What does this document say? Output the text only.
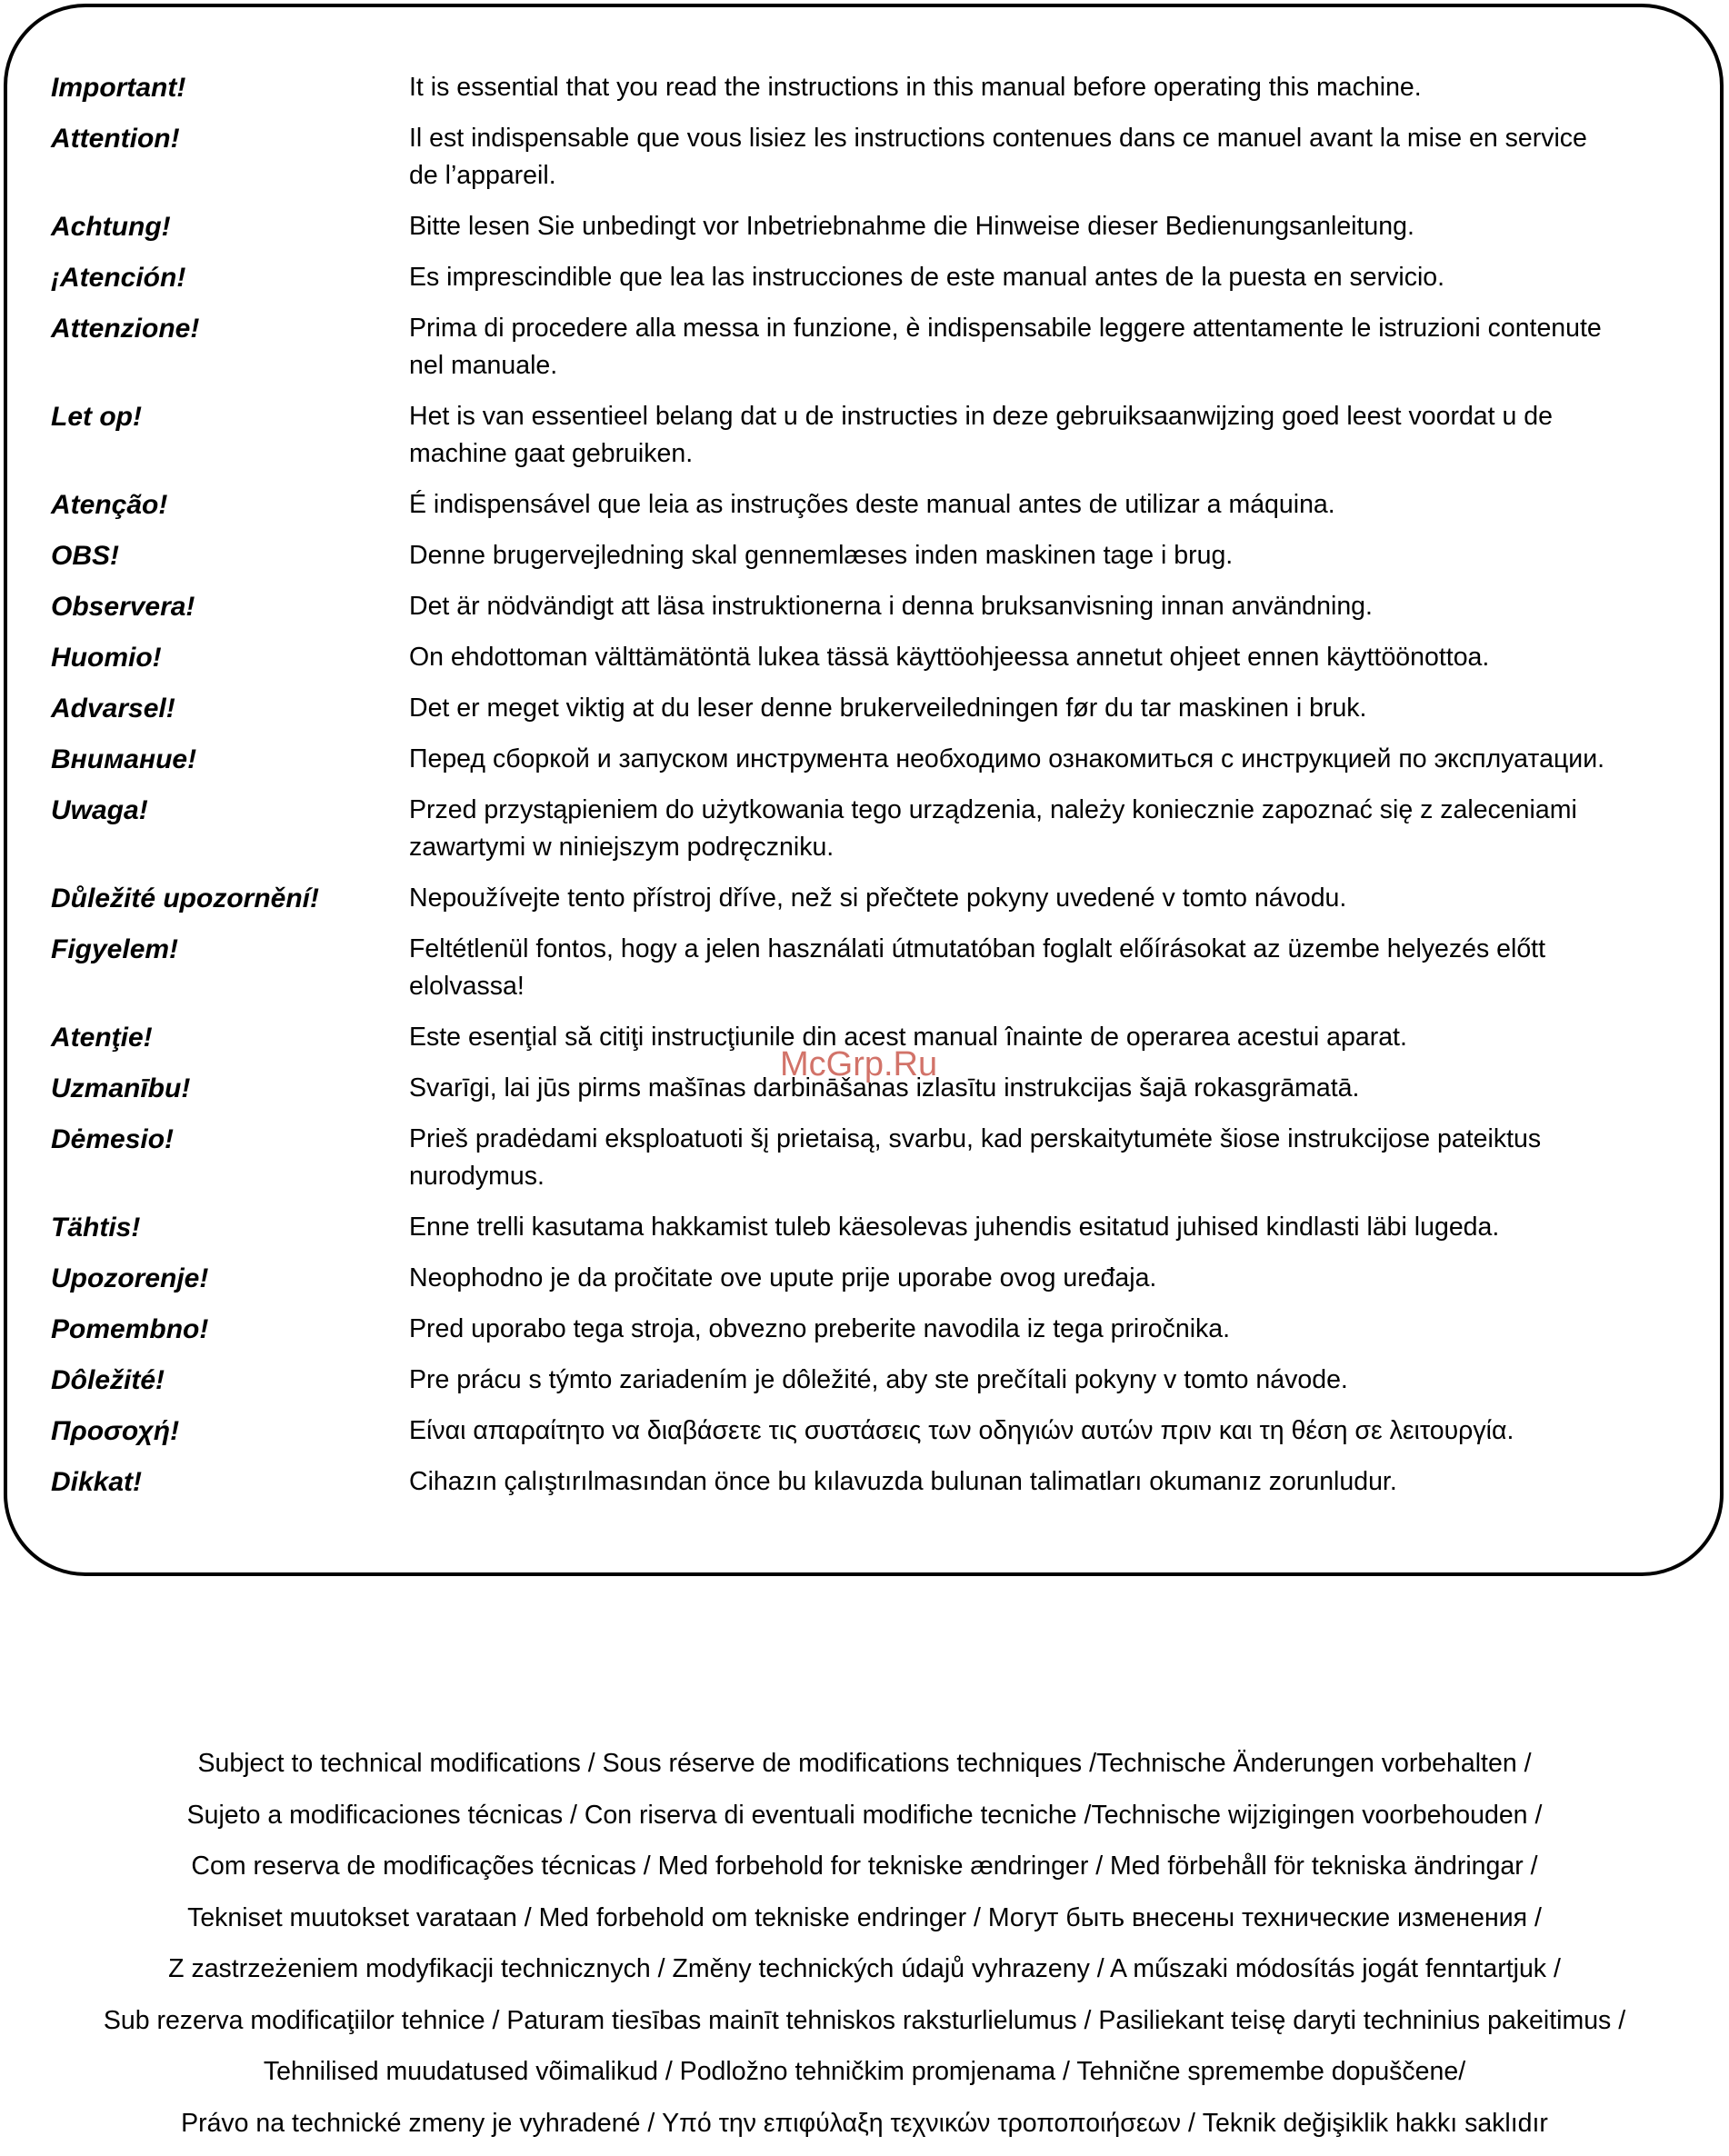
Important!	It is essential that you read the instructions in this manual before operating this machine.
Attention!	Il est indispensable que vous lisiez les instructions contenues dans ce manuel avant la mise en service
de l’appareil.
Achtung!	Bitte lesen Sie unbedingt vor Inbetriebnahme die Hinweise dieser Bedienungsanleitung.
¡Atención!	Es imprescindible que lea las instrucciones de este manual antes de la puesta en servicio.
Attenzione!	Prima di procedere alla messa in funzione, è indispensabile leggere attentamente le istruzioni contenute
nel manuale.
Let op!	Het is van essentieel belang dat u de instructies in deze gebruiksaanwijzing goed leest voordat u de
machine gaat gebruiken.
Atenção!	É indispensável que leia as instruções deste manual antes de utilizar a máquina.
OBS!	Denne brugervejledning skal gennemlæses inden maskinen tage i brug.
Observera!	Det är nödvändigt att läsa instruktionerna i denna bruksanvisning innan användning.
Huomio!	On ehdottoman välttämätöntä lukea tässä käyttöohjeessa annetut ohjeet ennen käyttöönottoa.
Advarsel!	Det er meget viktig at du leser denne brukerveiledningen før du tar maskinen i bruk.
Внимание!	Перед сборкой и запуском инструмента необходимо ознакомиться с инструкцией по эксплуатации.
Uwaga!	Przed przystąpieniem do użytkowania tego urządzenia, należy koniecznie zapoznać się z zaleceniami
zawartymi w niniejszym podręczniku.
Důležité upozornění!	Nepoužívejte tento přístroj dříve, než si přečtete pokyny uvedené v tomto návodu.
Figyelem!	Feltétlenül fontos, hogy a jelen használati útmutatóban foglalt előírásokat az üzembe helyezés előtt
elolvassa!
Atenţie!	Este esenţial să citiţi instrucţiunile din acest manual înainte de operarea acestui aparat.
Uzmanību!	Svarīgi, lai jūs pirms mašīnas darbināšanas izlasītu instrukcijas šajā rokasgrāmatā.
Dėmesio!	Prieš pradėdami eksploatuoti šį prietaisą, svarbu, kad perskaitytumėte šiose instrukcijose pateiktus
nurodymus.
Tähtis!	Enne trelli kasutama hakkamist tuleb käesolevas juhendis esitatud juhised kindlasti läbi lugeda.
Upozorenje!	Neophodno je da pročitate ove upute prije uporabe ovog uređaja.
Pomembno!	Pred uporabo tega stroja, obvezno preberite navodila iz tega priročnika.
Dôležité!	Pre prácu s týmto zariadením je dôležité, aby ste prečítali pokyny v tomto návode.
Προσοχή!	Είναι απαραίτητο να διαβάσετε τις συστάσεις των οδηγιών αυτών πριν και τη θέση σε λειτουργία.
Dikkat!	Cihazın çalıştırılmasından önce bu kılavuzda bulunan talimatları okumanız zorunludur.
McGrp.Ru
Subject to technical modifications / Sous réserve de modifications techniques /Technische Änderungen vorbehalten /
Sujeto a modificaciones técnicas / Con riserva di eventuali modifiche tecniche /Technische wijzigingen voorbehouden /
Com reserva de modificações técnicas / Med forbehold for tekniske ændringer / Med förbehåll för tekniska ändringar /
Tekniset muutokset varataan / Med forbehold om tekniske endringer / Могут быть внесены технические изменения /
Z zastrzeżeniem modyfikacji technicznych / Změny technických údajů vyhrazeny / A műszaki módosítás jogát fenntartjuk /
Sub rezerva modificaţiilor tehnice / Paturam tiesības mainīt tehniskos raksturlielumus / Pasiliekant teisę daryti techninius pakeitimus /
Tehnilised muudatused võimalikud / Podložno tehničkim promjenama / Tehnične spremembe dopuščene/
Právo na technické zmeny je vyhradené / Υπό την επιφύλαξη τεχνικών τροποποιήσεων / Teknik değişiklik hakkı saklıdır
